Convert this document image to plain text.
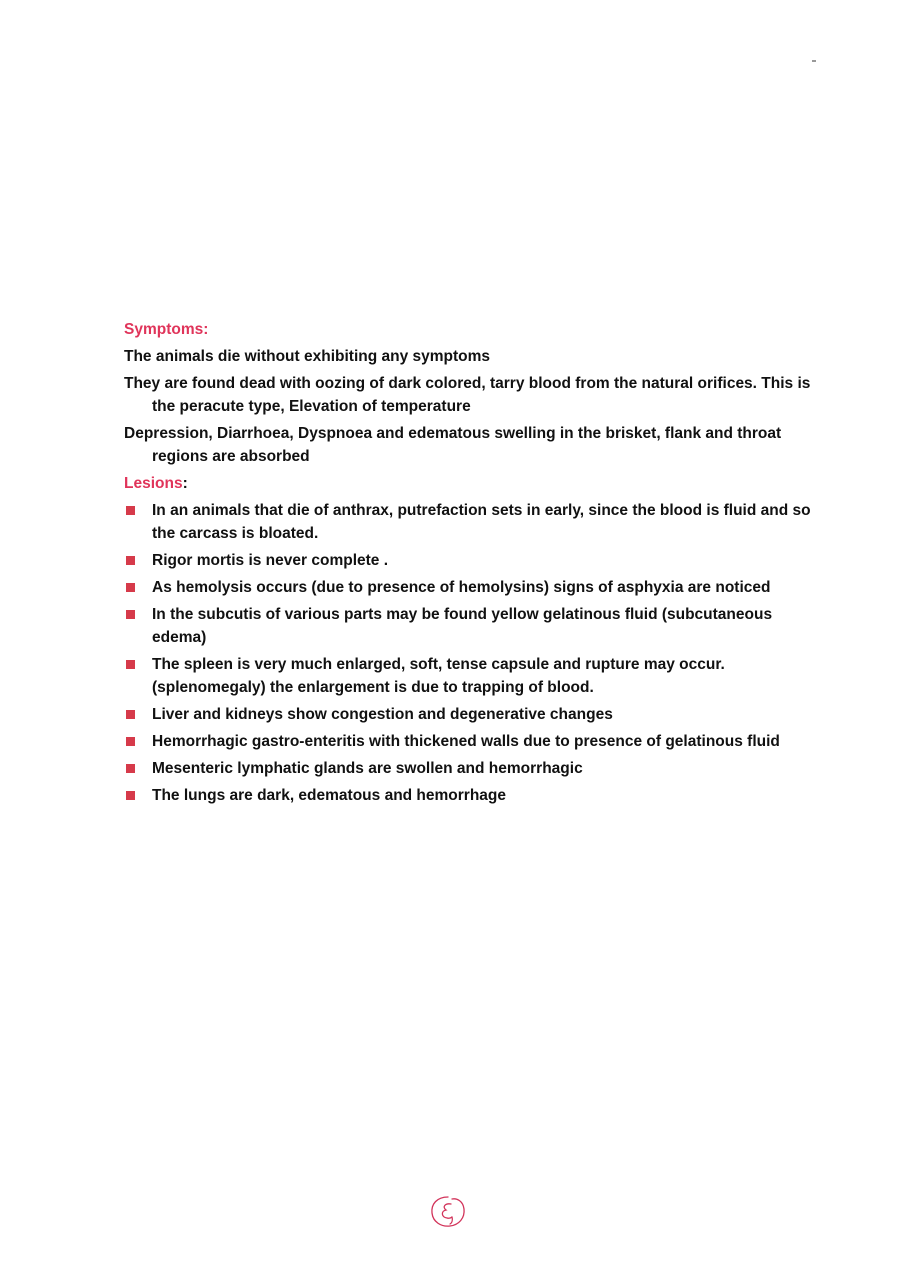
Symptoms:

The animals die without exhibiting any symptoms

They are found dead with oozing of dark colored, tarry blood from the natural orifices. This is the peracute type, Elevation of temperature

Depression, Diarrhoea, Dyspnoea and edematous swelling in the brisket, flank and throat regions are absorbed

Lesions:
In an animals that die of anthrax, putrefaction sets in early, since the blood is fluid and so the carcass is bloated.
Rigor mortis is never complete .
As hemolysis occurs (due to presence of hemolysins) signs of asphyxia are noticed
In the subcutis of various parts may be found yellow gelatinous fluid (subcutaneous edema)
The spleen is very much enlarged, soft, tense capsule and rupture may occur.(splenomegaly) the enlargement is due to trapping of blood.
Liver and kidneys show congestion and degenerative changes
Hemorrhagic gastro-enteritis with thickened walls due to presence of gelatinous fluid
Mesenteric lymphatic glands are swollen and hemorrhagic
The lungs are dark, edematous and hemorrhage
